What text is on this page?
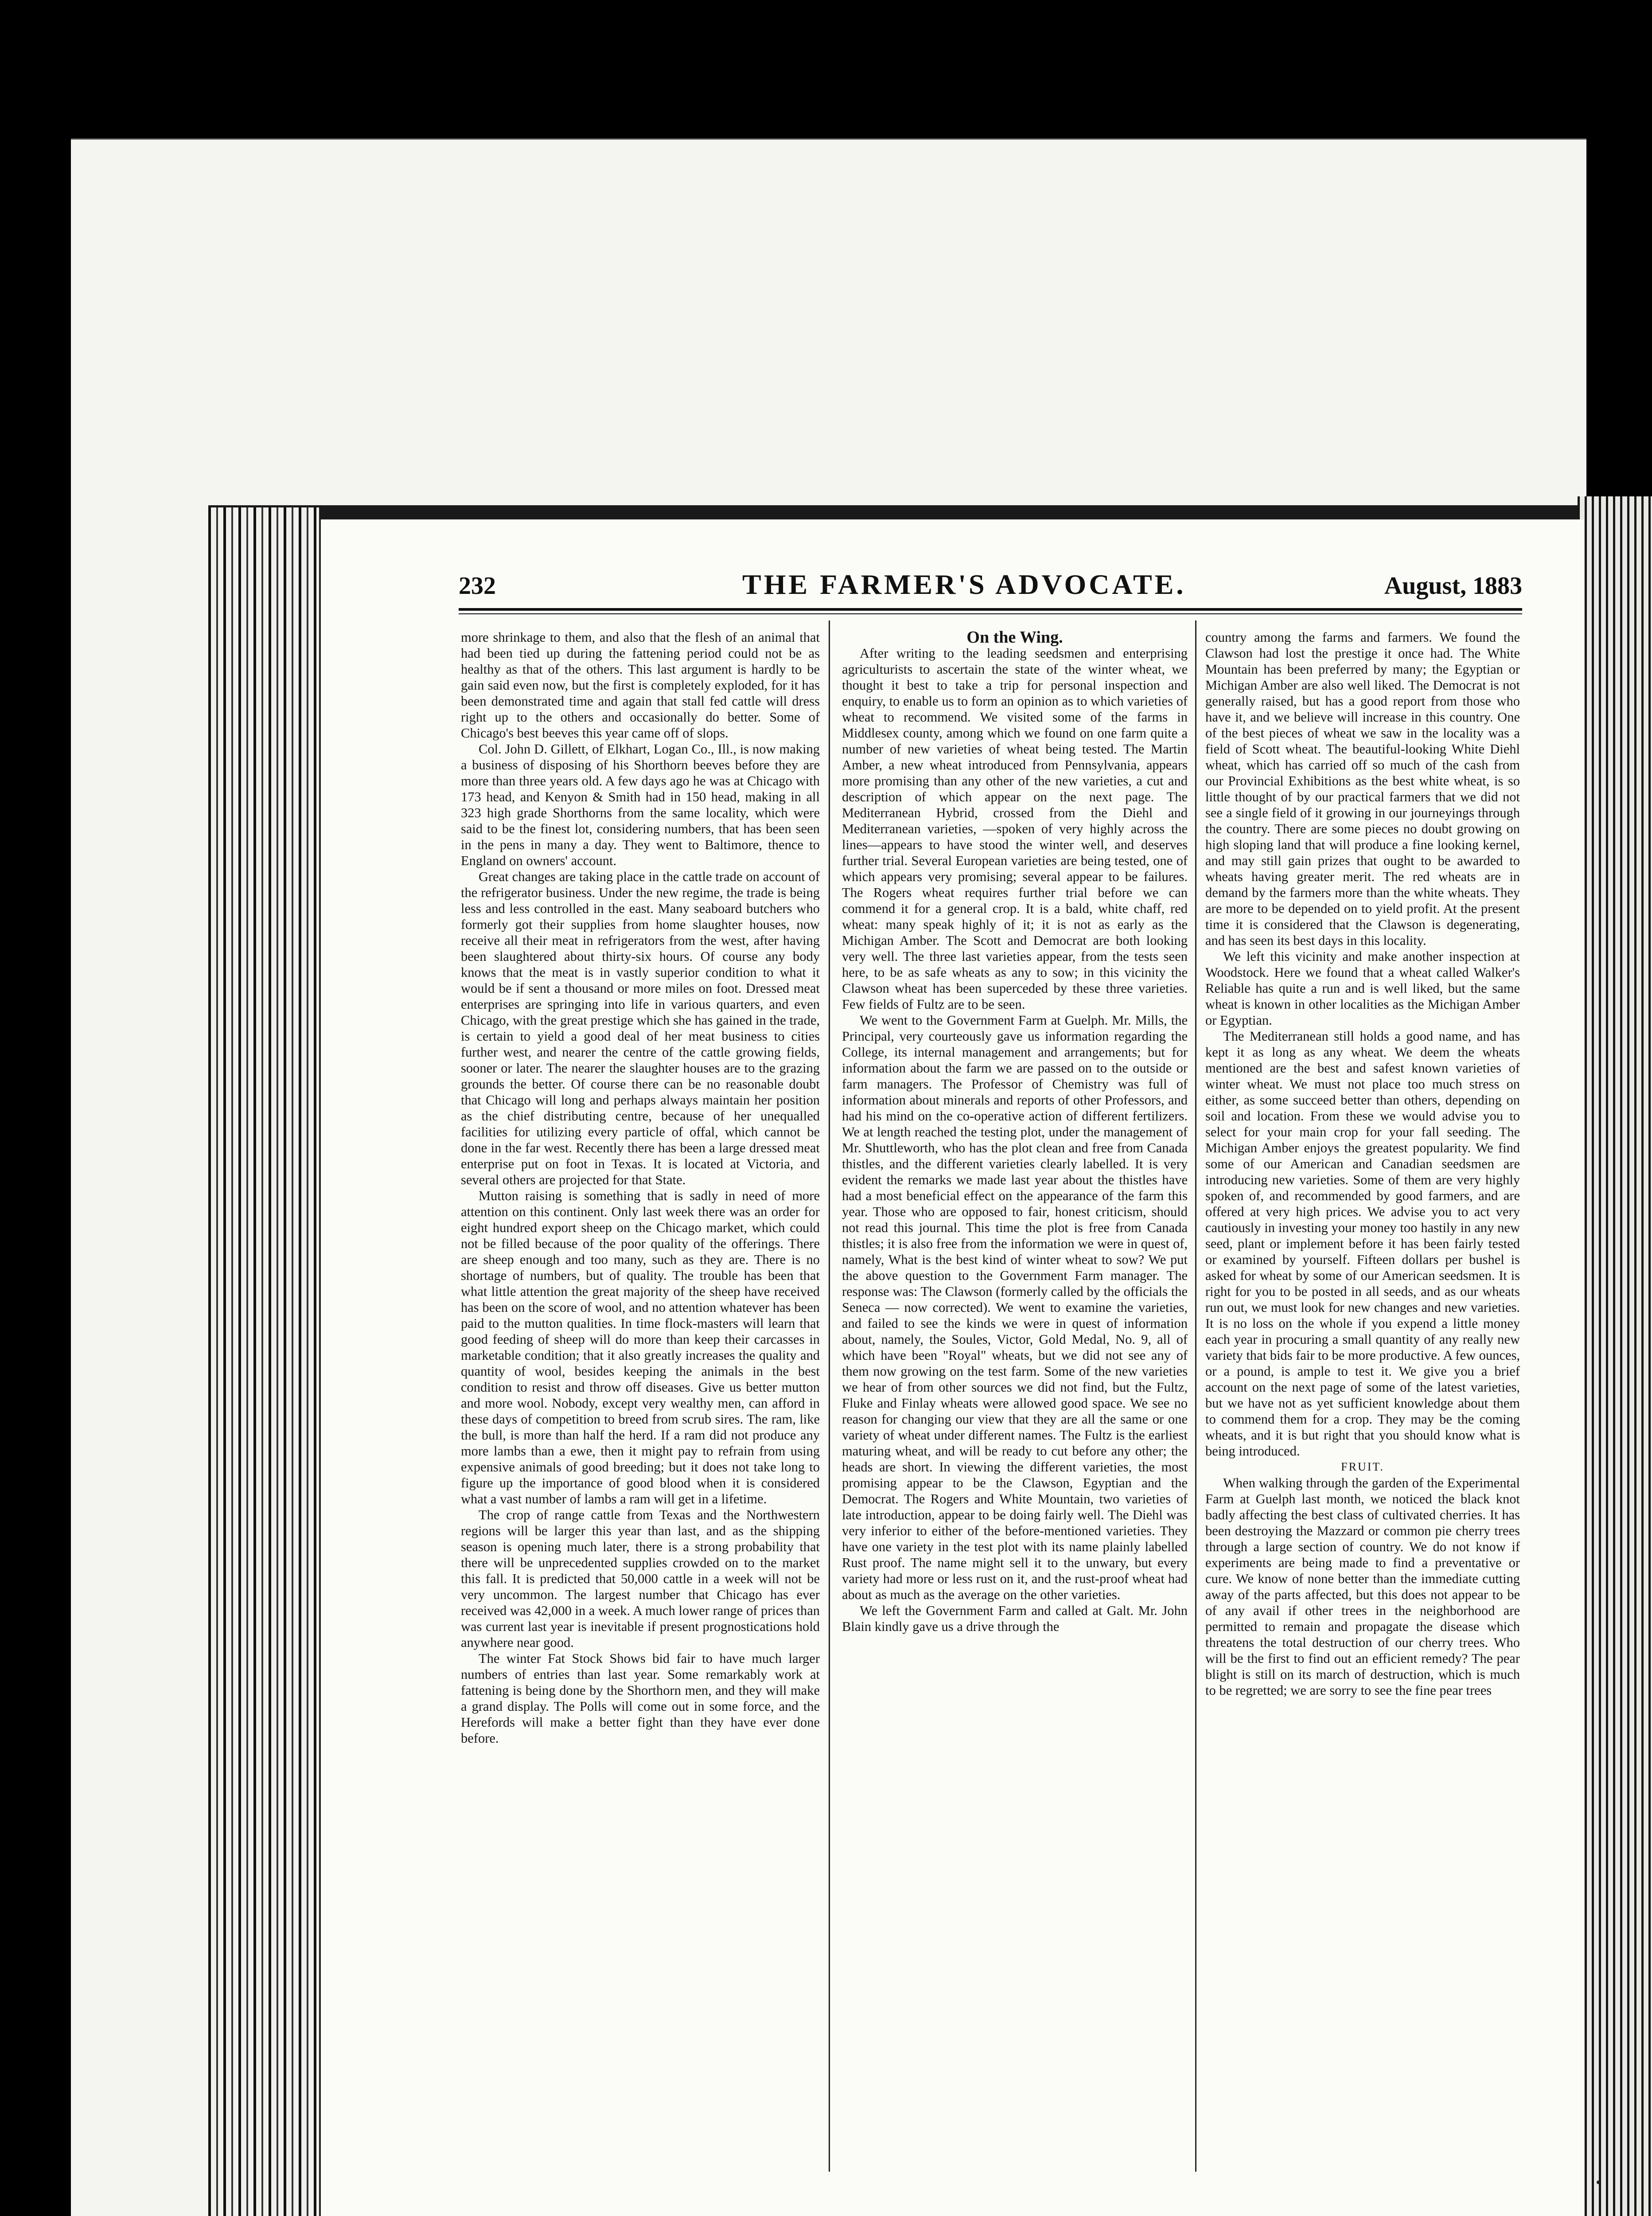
232	THE FARMER'S ADVOCATE.	August, 1883

more shrinkage to them, and also that the flesh of an animal that had been tied up during the fattening period could not be as healthy as that of the others. This last argument is hardly to be gain said even now, but the first is completely exploded, for it has been demonstrated time and again that stall fed cattle will dress right up to the others and occasionally do better. Some of Chicago's best beeves this year came off of slops.

Col. John D. Gillett, of Elkhart, Logan Co., Ill., is now making a business of disposing of his Shorthorn beeves before they are more than three years old. A few days ago he was at Chicago with 173 head, and Kenyon & Smith had in 150 head, making in all 323 high grade Shorthorns from the same locality, which were said to be the finest lot, considering numbers, that has been seen in the pens in many a day. They went to Baltimore, thence to England on owners' account.

Great changes are taking place in the cattle trade on account of the refrigerator business. Under the new regime, the trade is being less and less controlled in the east. Many seaboard butchers who formerly got their supplies from home slaughter houses, now receive all their meat in refrigerators from the west, after having been slaughtered about thirty-six hours. Of course any body knows that the meat is in vastly superior condition to what it would be if sent a thousand or more miles on foot. Dressed meat enterprises are springing into life in various quarters, and even Chicago, with the great prestige which she has gained in the trade, is certain to yield a good deal of her meat business to cities further west, and nearer the centre of the cattle growing fields, sooner or later. The nearer the slaughter houses are to the grazing grounds the better. Of course there can be no reasonable doubt that Chicago will long and perhaps always maintain her position as the chief distributing centre, because of her unequalled facilities for utilizing every particle of offal, which cannot be done in the far west. Recently there has been a large dressed meat enterprise put on foot in Texas. It is located at Victoria, and several others are projected for that State.

Mutton raising is something that is sadly in need of more attention on this continent. Only last week there was an order for eight hundred export sheep on the Chicago market, which could not be filled because of the poor quality of the offerings. There are sheep enough and too many, such as they are. There is no shortage of numbers, but of quality. The trouble has been that what little attention the great majority of the sheep have received has been on the score of wool, and no attention whatever has been paid to the mutton qualities. In time flock-masters will learn that good feeding of sheep will do more than keep their carcasses in marketable condition; that it also greatly increases the quality and quantity of wool, besides keeping the animals in the best condition to resist and throw off diseases. Give us better mutton and more wool. Nobody, except very wealthy men, can afford in these days of competition to breed from scrub sires. The ram, like the bull, is more than half the herd. If a ram did not produce any more lambs than a ewe, then it might pay to refrain from using expensive animals of good breeding; but it does not take long to figure up the importance of good blood when it is considered what a vast number of lambs a ram will get in a lifetime.

The crop of range cattle from Texas and the Northwestern regions will be larger this year than last, and as the shipping season is opening much later, there is a strong probability that there will be unprecedented supplies crowded on to the market this fall. It is predicted that 50,000 cattle in a week will not be very uncommon. The largest number that Chicago has ever received was 42,000 in a week. A much lower range of prices than was current last year is inevitable if present prognostications hold anywhere near good.

The winter Fat Stock Shows bid fair to have much larger numbers of entries than last year. Some remarkably work at fattening is being done by the Shorthorn men, and they will make a grand display. The Polls will come out in some force, and the Herefords will make a better fight than they have ever done before.

On the Wing.

After writing to the leading seedsmen and enterprising agriculturists to ascertain the state of the winter wheat, we thought it best to take a trip for personal inspection and enquiry, to enable us to form an opinion as to which varieties of wheat to recommend. We visited some of the farms in Middlesex county, among which we found on one farm quite a number of new varieties of wheat being tested. The Martin Amber, a new wheat introduced from Pennsylvania, appears more promising than any other of the new varieties, a cut and description of which appear on the next page. The Mediterranean Hybrid, crossed from the Diehl and Mediterranean varieties, —spoken of very highly across the lines—appears to have stood the winter well, and deserves further trial. Several European varieties are being tested, one of which appears very promising; several appear to be failures. The Rogers wheat requires further trial before we can commend it for a general crop. It is a bald, white chaff, red wheat: many speak highly of it; it is not as early as the Michigan Amber. The Scott and Democrat are both looking very well. The three last varieties appear, from the tests seen here, to be as safe wheats as any to sow; in this vicinity the Clawson wheat has been superceded by these three varieties. Few fields of Fultz are to be seen.

We went to the Government Farm at Guelph. Mr. Mills, the Principal, very courteously gave us information regarding the College, its internal management and arrangements; but for information about the farm we are passed on to the outside or farm managers. The Professor of Chemistry was full of information about minerals and reports of other Professors, and had his mind on the co-operative action of different fertilizers. We at length reached the testing plot, under the management of Mr. Shuttleworth, who has the plot clean and free from Canada thistles, and the different varieties clearly labelled. It is very evident the remarks we made last year about the thistles have had a most beneficial effect on the appearance of the farm this year. Those who are opposed to fair, honest criticism, should not read this journal. This time the plot is free from Canada thistles; it is also free from the information we were in quest of, namely, What is the best kind of winter wheat to sow? We put the above question to the Government Farm manager. The response was: The Clawson (formerly called by the officials the Seneca — now corrected). We went to examine the varieties, and failed to see the kinds we were in quest of information about, namely, the Soules, Victor, Gold Medal, No. 9, all of which have been "Royal" wheats, but we did not see any of them now growing on the test farm. Some of the new varieties we hear of from other sources we did not find, but the Fultz, Fluke and Finlay wheats were allowed good space. We see no reason for changing our view that they are all the same or one variety of wheat under different names. The Fultz is the earliest maturing wheat, and will be ready to cut before any other; the heads are short. In viewing the different varieties, the most promising appear to be the Clawson, Egyptian and the Democrat. The Rogers and White Mountain, two varieties of late introduction, appear to be doing fairly well. The Diehl was very inferior to either of the before-mentioned varieties. They have one variety in the test plot with its name plainly labelled Rust proof. The name might sell it to the unwary, but every variety had more or less rust on it, and the rust-proof wheat had about as much as the average on the other varieties.

We left the Government Farm and called at Galt. Mr. John Blain kindly gave us a drive through the

country among the farms and farmers. We found the Clawson had lost the prestige it once had. The White Mountain has been preferred by many; the Egyptian or Michigan Amber are also well liked. The Democrat is not generally raised, but has a good report from those who have it, and we believe will increase in this country. One of the best pieces of wheat we saw in the locality was a field of Scott wheat. The beautiful-looking White Diehl wheat, which has carried off so much of the cash from our Provincial Exhibitions as the best white wheat, is so little thought of by our practical farmers that we did not see a single field of it growing in our journeyings through the country. There are some pieces no doubt growing on high sloping land that will produce a fine looking kernel, and may still gain prizes that ought to be awarded to wheats having greater merit. The red wheats are in demand by the farmers more than the white wheats. They are more to be depended on to yield profit. At the present time it is considered that the Clawson is degenerating, and has seen its best days in this locality.

We left this vicinity and make another inspection at Woodstock. Here we found that a wheat called Walker's Reliable has quite a run and is well liked, but the same wheat is known in other localities as the Michigan Amber or Egyptian.

The Mediterranean still holds a good name, and has kept it as long as any wheat. We deem the wheats mentioned are the best and safest known varieties of winter wheat. We must not place too much stress on either, as some succeed better than others, depending on soil and location. From these we would advise you to select for your main crop for your fall seeding. The Michigan Amber enjoys the greatest popularity. We find some of our American and Canadian seedsmen are introducing new varieties. Some of them are very highly spoken of, and recommended by good farmers, and are offered at very high prices. We advise you to act very cautiously in investing your money too hastily in any new seed, plant or implement before it has been fairly tested or examined by yourself. Fifteen dollars per bushel is asked for wheat by some of our American seedsmen. It is right for you to be posted in all seeds, and as our wheats run out, we must look for new changes and new varieties. It is no loss on the whole if you expend a little money each year in procuring a small quantity of any really new variety that bids fair to be more productive. A few ounces, or a pound, is ample to test it. We give you a brief account on the next page of some of the latest varieties, but we have not as yet sufficient knowledge about them to commend them for a crop. They may be the coming wheats, and it is but right that you should know what is being introduced.

FRUIT.

When walking through the garden of the Experimental Farm at Guelph last month, we noticed the black knot badly affecting the best class of cultivated cherries. It has been destroying the Mazzard or common pie cherry trees through a large section of country. We do not know if experiments are being made to find a preventative or cure. We know of none better than the immediate cutting away of the parts affected, but this does not appear to be of any avail if other trees in the neighborhood are permitted to remain and propagate the disease which threatens the total destruction of our cherry trees. Who will be the first to find out an efficient remedy? The pear blight is still on its march of destruction, which is much to be regretted; we are sorry to see the fine pear trees
